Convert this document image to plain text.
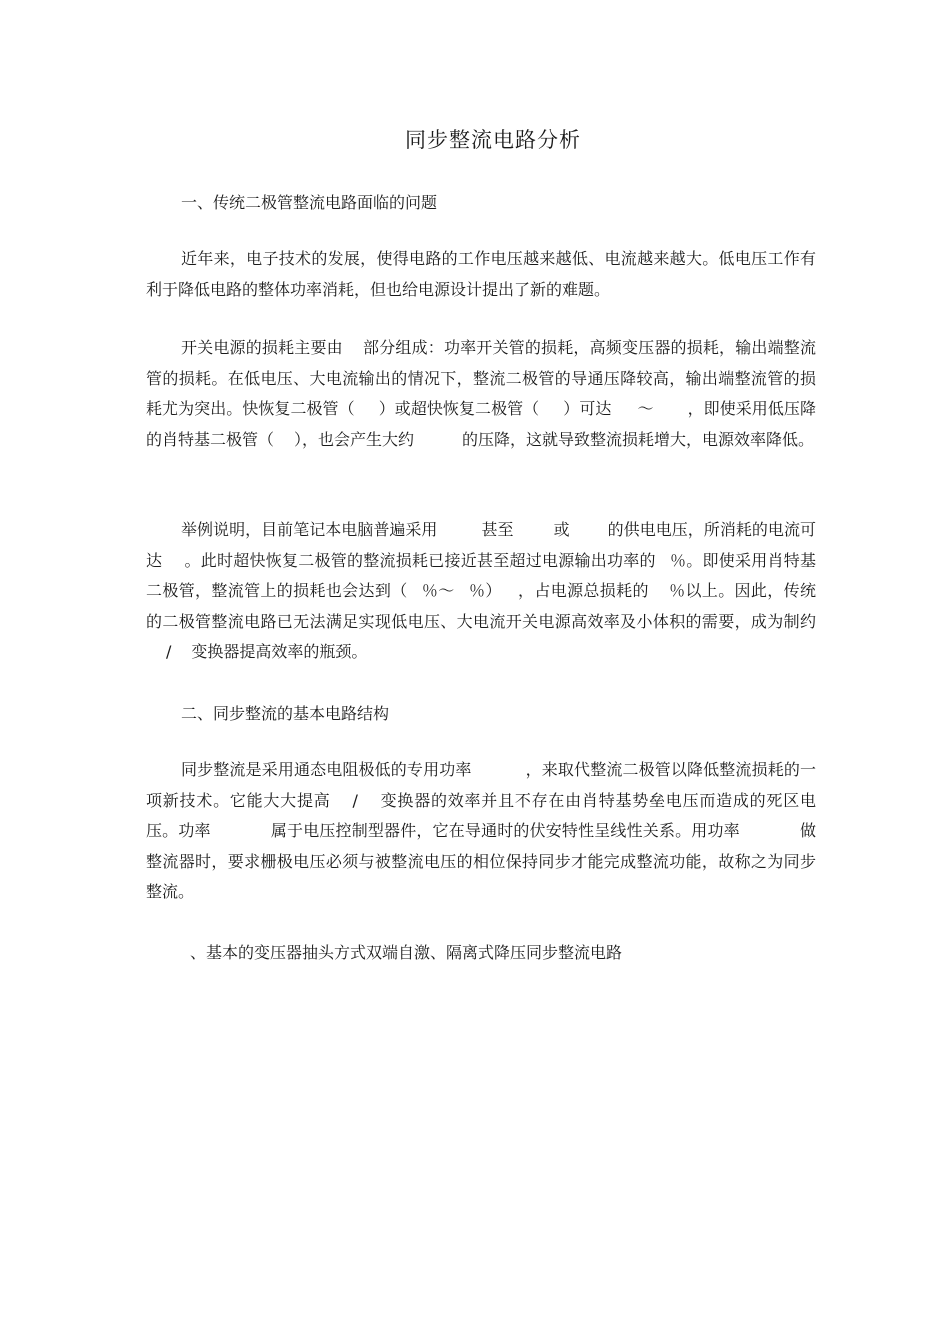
同步整流电路分析
一、传统二极管整流电路面临的问题
近年来，电子技术的发展，使得电路的工作电压越来越低、电流越来越大。低电压工作有利于降低电路的整体功率消耗，但也给电源设计提出了新的难题。
开关电源的损耗主要由 部分组成：功率开关管的损耗，高频变压器的损耗，输出端整流管的损耗。在低电压、大电流输出的情况下，整流二极管的导通压降较高，输出端整流管的损耗尤为突出。快恢复二极管（ ）或超快恢复二极管（ ）可达 ～ ，即使采用低压降的肖特基二极管（ ），也会产生大约	的压降，这就导致整流损耗增大，电源效率降低。
举例说明，目前笔记本电脑普遍采用	甚至	或 的供电电压，所消耗的电流可达 。此时超快恢复二极管的整流损耗已接近甚至超过电源输出功率的 ％。即使采用肖特基二极管，整流管上的损耗也会达到（ ％～ ％） ，占电源总损耗的 ％以上。因此，传统的二极管整流电路已无法满足实现低电压、大电流开关电源高效率及小体积的需要，成为制约/ 变换器提高效率的瓶颈。
二、同步整流的基本电路结构
同步整流是采用通态电阻极低的专用功率	，来取代整流二极管以降低整流损耗的一项新技术。它能大大提高 / 变换器的效率并且不存在由肖特基势垒电压而造成的死区电压。功率	属于电压控制型器件，它在导通时的伏安特性呈线性关系。用功率	做整流器时，要求栅极电压必须与被整流电压的相位保持同步才能完成整流功能，故称之为同步整流。
、基本的变压器抽头方式双端自激、隔离式降压同步整流电路
